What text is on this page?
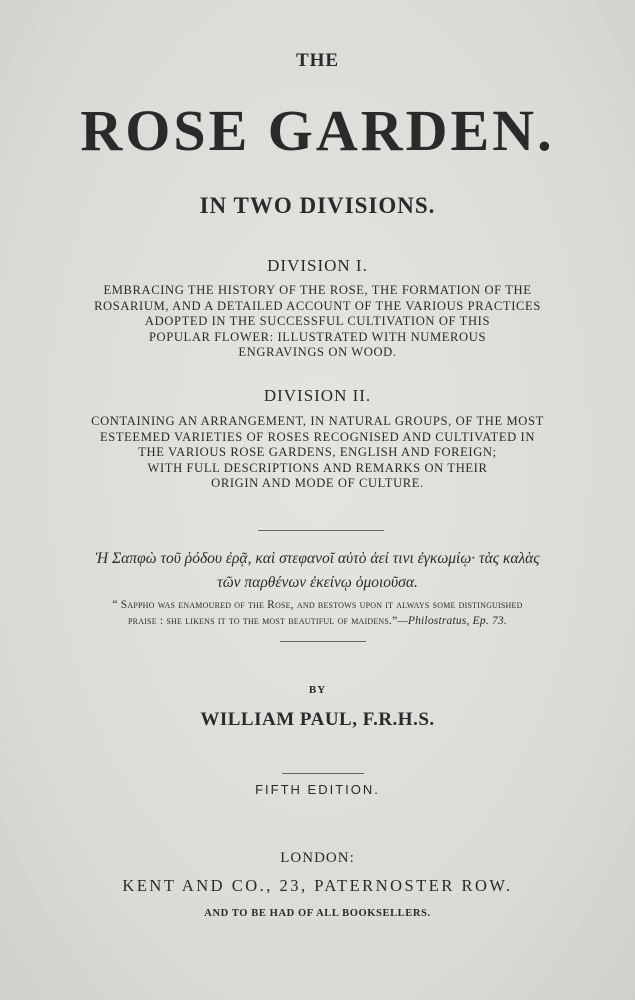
THE
ROSE GARDEN.
IN TWO DIVISIONS.
DIVISION I.
EMBRACING THE HISTORY OF THE ROSE, THE FORMATION OF THE
ROSARIUM, AND A DETAILED ACCOUNT OF THE VARIOUS PRACTICES
ADOPTED IN THE SUCCESSFUL CULTIVATION OF THIS
POPULAR FLOWER: ILLUSTRATED WITH NUMEROUS
ENGRAVINGS ON WOOD.
DIVISION II.
CONTAINING AN ARRANGEMENT, IN NATURAL GROUPS, OF THE MOST
ESTEEMED VARIETIES OF ROSES RECOGNISED AND CULTIVATED IN
THE VARIOUS ROSE GARDENS, ENGLISH AND FOREIGN;
WITH FULL DESCRIPTIONS AND REMARKS ON THEIR
ORIGIN AND MODE OF CULTURE.
Ἡ Σαπφὼ τοῦ ῥόδου ἐρᾷ, καὶ στεφανοῖ αὐτὸ ἀεί τινι ἐγκωμίῳ· τὰς καλὰς
τῶν παρθένων ἐκείνῳ ὁμοιοῦσα.
“ Sappho was enamoured of the Rose, and bestows upon it always some distinguished
praise : she likens it to the most beautiful of maidens.”—Philostratus, Ep. 73.
BY
WILLIAM PAUL, F.R.H.S.
FIFTH EDITION.
LONDON:
KENT AND CO., 23, PATERNOSTER ROW.
AND TO BE HAD OF ALL BOOKSELLERS.
